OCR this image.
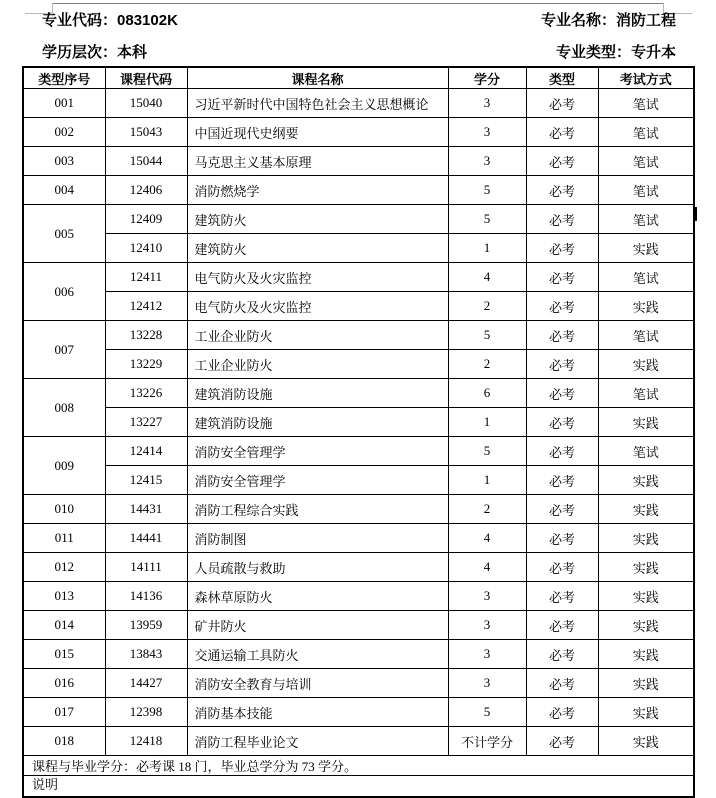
专业代码：083102K	专业名称：消防工程
学历层次：本科	专业类型：专升本
类型序号	课程代码	课程名称	学分	类型	考试方式
001	15040	习近平新时代中国特色社会主义思想概论	3	必考	笔试
002	15043	中国近现代史纲要	3	必考	笔试
003	15044	马克思主义基本原理	3	必考	笔试
004	12406	消防燃烧学	5	必考	笔试
005	12409	建筑防火	5	必考	笔试
	12410	建筑防火	1	必考	实践
006	12411	电气防火及火灾监控	4	必考	笔试
	12412	电气防火及火灾监控	2	必考	实践
007	13228	工业企业防火	5	必考	笔试
	13229	工业企业防火	2	必考	实践
008	13226	建筑消防设施	6	必考	笔试
	13227	建筑消防设施	1	必考	实践
009	12414	消防安全管理学	5	必考	笔试
	12415	消防安全管理学	1	必考	实践
010	14431	消防工程综合实践	2	必考	实践
011	14441	消防制图	4	必考	实践
012	14111	人员疏散与救助	4	必考	实践
013	14136	森林草原防火	3	必考	实践
014	13959	矿井防火	3	必考	实践
015	13843	交通运输工具防火	3	必考	实践
016	14427	消防安全教育与培训	3	必考	实践
017	12398	消防基本技能	5	必考	实践
018	12418	消防工程毕业论文	不计学分	必考	实践
课程与毕业学分：必考课 18 门，毕业总学分为 73 学分。					
说明					
